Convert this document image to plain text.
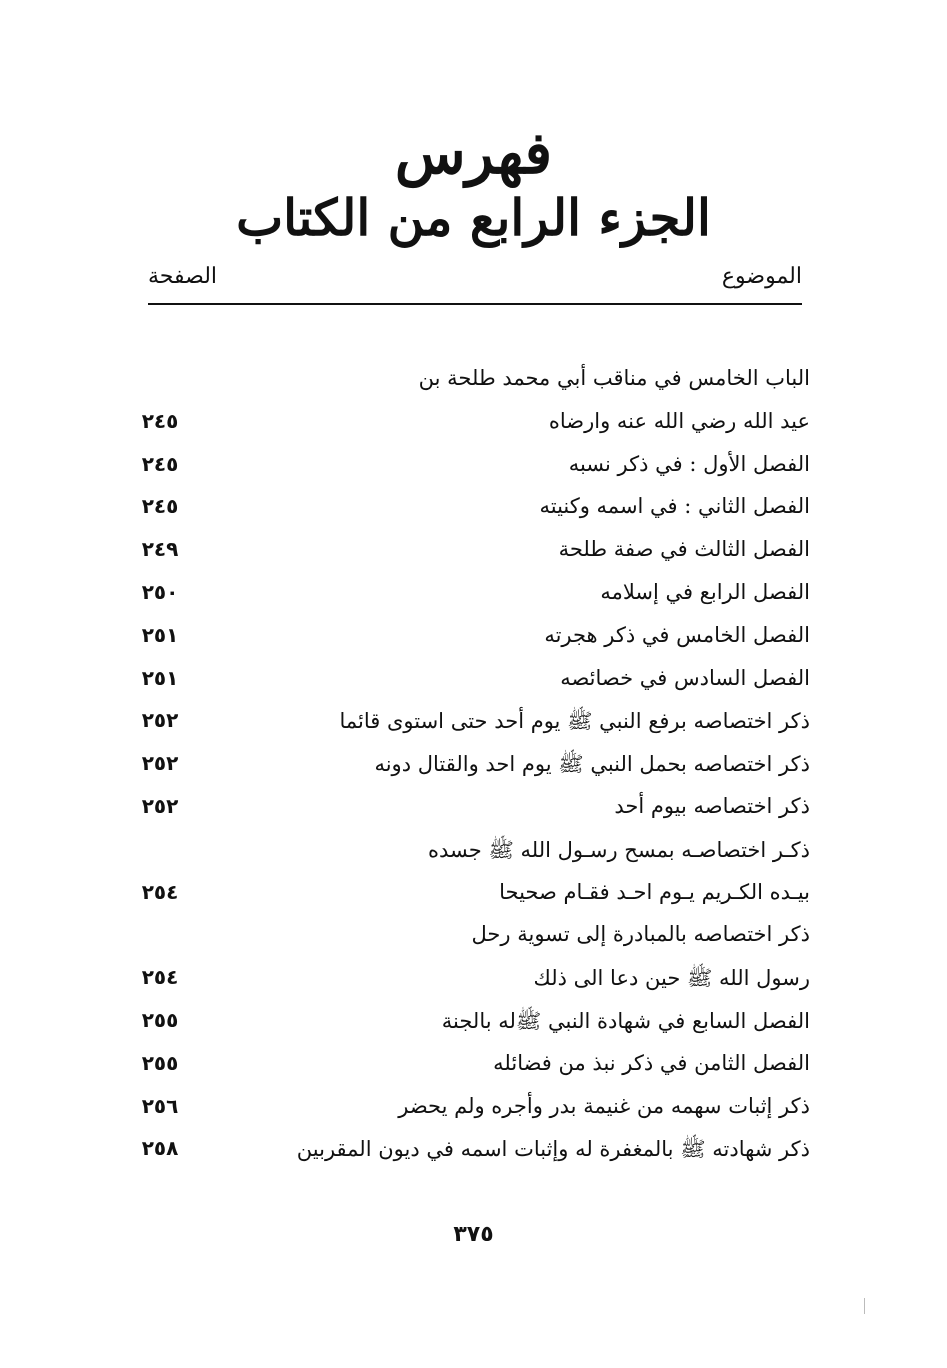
فهرس
الجزء الرابع من الكتاب
الموضوع
الصفحة
الباب الخامس في مناقب أبي محمد طلحة بن
عيد الله رضي الله عنه وارضاه
٢٤٥
الفصل الأول : في ذكر نسبه
٢٤٥
الفصل الثاني : في اسمه وكنيته
٢٤٥
الفصل الثالث في صفة طلحة
٢٤٩
الفصل الرابع في إسلامه
٢٥٠
الفصل الخامس في ذكر هجرته
٢٥١
الفصل السادس في خصائصه
٢٥١
ذكر اختصاصه برفع النبي ﷺ يوم أحد حتى استوى قائما
٢٥٢
ذكر اختصاصه بحمل النبي ﷺ يوم احد والقتال دونه
٢٥٢
ذكر اختصاصه بيوم أحد
٢٥٢
ذكـر اختصاصـه بمسح رسـول الله ﷺ جسده
بيـده الكـريم يـوم احـد فقـام صحيحا
٢٥٤
ذكر اختصاصه بالمبادرة إلى تسوية رحل
رسول الله ﷺ حين دعا الى ذلك
٢٥٤
الفصل السابع في شهادة النبي ﷺله بالجنة
٢٥٥
الفصل الثامن في ذكر نبذ من فضائله
٢٥٥
ذكر إثبات سهمه من غنيمة بدر وأجره ولم يحضر
٢٥٦
ذكر شهادته ﷺ بالمغفرة له وإثبات اسمه في ديون المقربين
٢٥٨
٣٧٥
